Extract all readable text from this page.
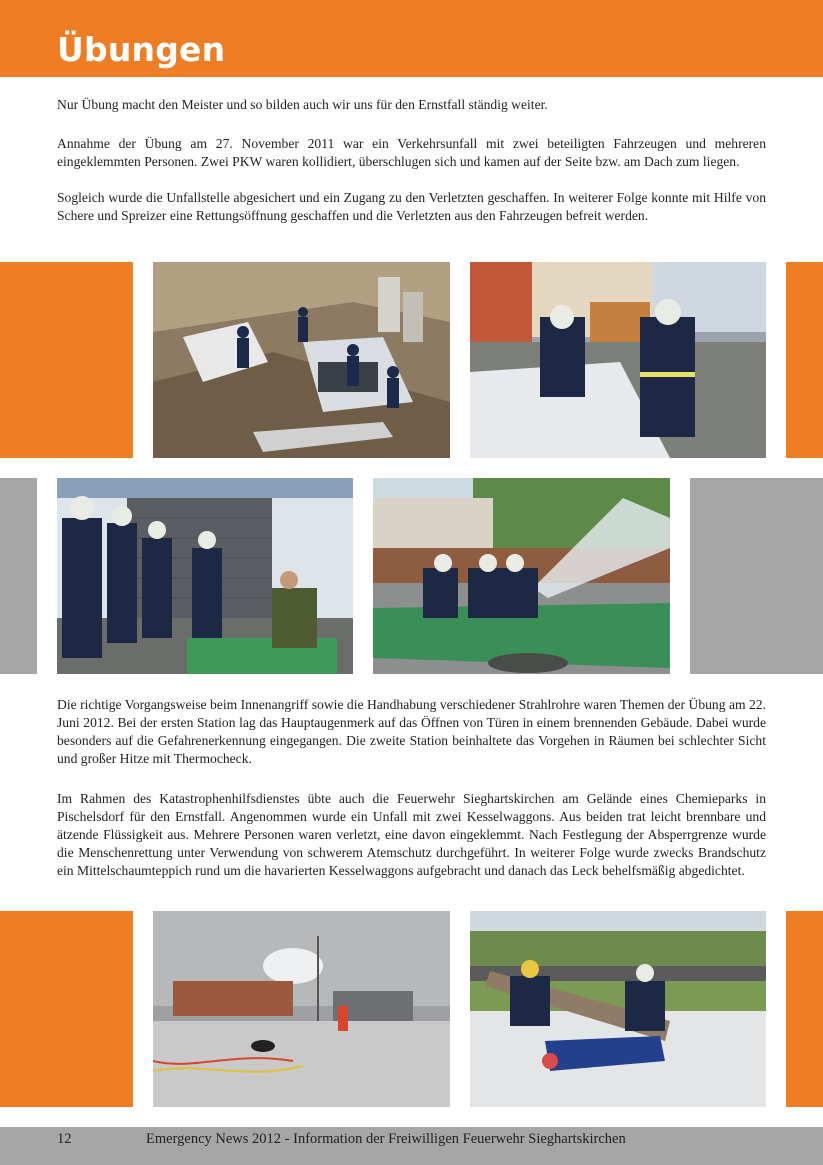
Übungen

Nur Übung macht den Meister und so bilden auch wir uns für den Ernstfall ständig weiter.

Annahme der Übung am 27. November 2011 war ein Verkehrsunfall mit zwei beteiligten Fahrzeugen und mehreren eingeklemmten Personen. Zwei PKW waren kollidiert, überschlugen sich und kamen auf der Seite bzw. am Dach zum liegen.

Sogleich wurde die Unfallstelle abgesichert und ein Zugang zu den Verletzten geschaffen. In weiterer Folge konnte mit Hilfe von Schere und Spreizer eine Rettungsöffnung geschaffen und die Verletzten aus den Fahrzeugen befreit werden.

Die richtige Vorgangsweise beim Innenangriff sowie die Handhabung verschiedener Strahlrohre waren Themen der Übung am 22. Juni 2012. Bei der ersten Station lag das Hauptaugenmerk auf das Öffnen von Türen in einem brennenden Gebäude. Dabei wurde besonders auf die Gefahrenerkennung eingegangen. Die zweite Station beinhaltete das Vorgehen in Räumen bei schlechter Sicht und großer Hitze mit Thermocheck.

Im Rahmen des Katastrophenhilfsdienstes übte auch die Feuerwehr Sieghartskirchen am Gelände eines Chemieparks in Pischelsdorf für den Ernstfall. Angenommen wurde ein Unfall mit zwei Kesselwaggons. Aus beiden trat leicht brennbare und ätzende Flüssigkeit aus. Mehrere Personen waren verletzt, eine davon eingeklemmt. Nach Festlegung der Absperrgrenze wurde die Menschenrettung unter Verwendung von schwerem Atemschutz durchgeführt. In weiterer Folge wurde zwecks Brandschutz ein Mittelschaumteppich rund um die havarierten Kesselwaggons aufgebracht und danach das Leck behelfsmäßig abgedichtet.

12	Emergency News 2012 - Information der Freiwilligen Feuerwehr Sieghartskirchen
